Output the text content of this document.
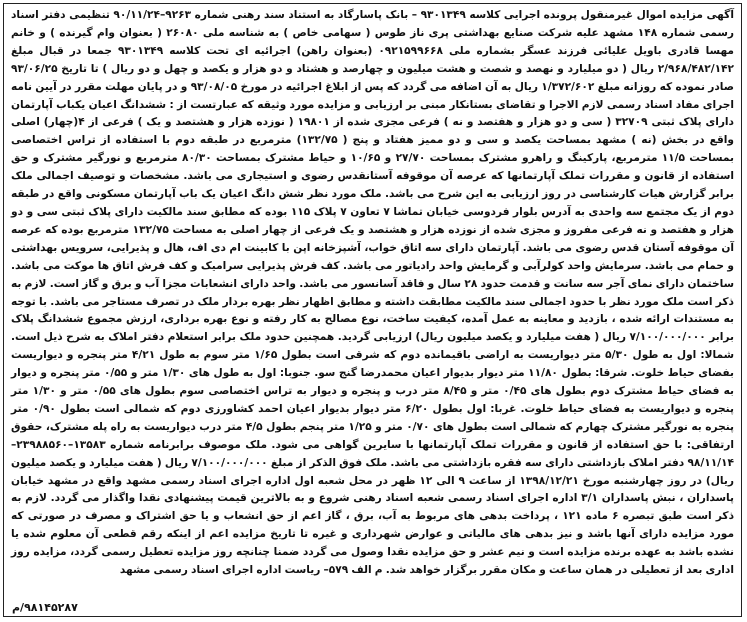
آگهی مزایده اموال غیرمنقول پرونده اجرایی کلاسه ۹۳۰۱۳۴۹ – بانک پاسارگاد به استناد سند رهنی شماره ۹۲۶۳–۹۰/۱۱/۲۴ تنظیمی دفتر اسناد رسمی شماره ۱۴۸ مشهد علیه شرکت صنایع بهداشتی پری ناز طوس ( سهامی خاص ) به شناسه ملی ۲۶۰۸۰ ( بعنوان وام گیرنده ) و خانم مهسا قادری باویل علیائی فرزند عسگر بشماره ملی ۰۹۲۱۵۹۹۶۶۸ (بعنوان راهن) اجرائیه ای تحت کلاسه ۹۳۰۱۳۴۹ جمعا در قبال مبلغ ۲/۹۶۸/۴۸۲/۱۴۲ ریال ( دو میلیارد و نهصد و شصت و هشت میلیون و چهارصد و هشتاد و دو هزار و یکصد و چهل و دو ریال ) تا تاریخ ۹۳/۰۶/۲۵ صادر نموده که روزانه مبلغ ۱/۳۷۲/۶۰۲ ریال به آن اضافه می گردد که پس از ابلاغ اجرائیه در مورخ ۹۳/۰۸/۰۵ و در پایان مهلت مقرر در آیین نامه اجرای مفاد اسناد رسمی لازم الاجرا و تقاضای بستانکار مبنی بر ارزیابی و مزایده مورد وثیقه که عبارتست از : ششدانگ اعیان یکباب آپارتمان دارای پلاک ثبتی ۳۲۷۰۹ ( سی و دو هزار و هفتصد و نه ) فرعی مجزی شده از ۱۹۸۰۱ ( نوزده هزار و هشتصد و یک ) فرعی از ۴(چهار) اصلی واقع در بخش (نه ) مشهد بمساحت یکصد و سی و دو ممیز هفتاد و پنج ( ۱۳۲/۷۵) مترمربع در طبقه دوم با استفاده از تراس اختصاصی بمساحت ۱۱/۵ مترمربع، پارکینگ و راهرو مشترک بمساحت ۲۷/۷۰ و ۱۰/۶۵ و حیاط مشترک بمساحت ۸۰/۳۰ مترمربع و نورگیر مشترک و حق استفاده از قانون و مقررات تملک آپارتمانها که عرصه آن موقوفه آستانقدس رضوی و استیجاری می باشد. مشخصات و توصیف اجمالی ملک برابر گزارش هیات کارشناسی در روز ارزیابی به این شرح می باشد. ملک مورد نظر شش دانگ اعیان یک باب آپارتمان مسکونی واقع در طبقه دوم از یک مجتمع سه واحدی به آدرس بلوار فردوسی خیابان تماشا ۷ تعاون ۷ پلاک ۱۱۵ بوده که مطابق سند مالکیت دارای پلاک ثبتی سی و دو هزار و هفتصد و نه فرعی مفروز و مجزی شده از نوزده هزار و هشتصد و یک فرعی از چهار اصلی به مساحت ۱۳۲/۷۵ مترمربع بوده که عرصه آن موقوفه آستان قدس رضوی می باشد. آپارتمان دارای سه اتاق خواب، آشپزخانه اپن با کابینت ام دی اف، هال و پذیرایی، سرویس بهداشتی و حمام می باشد. سرمایش واحد کولرآبی و گرمایش واحد رادیاتور می باشد. کف فرش پذیرایی سرامیک و کف فرش اتاق ها موکت می باشد. ساختمان دارای نمای آجر سه سانت و قدمت حدود ۲۸ سال و فاقد آسانسور می باشد. واحد دارای انشعابات مجزا آب و برق و گاز است. لازم به ذکر است ملک مورد نظر با حدود اجمالی سند مالکیت مطابقت داشته و مطابق اظهار نظر بهره بردار ملک در تصرف مستاجر می باشد. با توجه به مستندات ارائه شده ، بازدید و معاینه به عمل آمده، کیفیت ساخت، نوع مصالح به کار رفته و نوع بهره برداری، ارزش مجموع ششدانگ پلاک برابر ۷/۱۰۰/۰۰۰/۰۰۰ ریال ( هفت میلیارد و یکصد میلیون ریال) ارزیابی گردید. همچنین حدود ملک برابر استعلام دفتر املاک به شرح ذیل است. شمالا: اول به طول ۵/۳۰ متر دیواریست به اراضی باقیمانده دوم که شرقی است بطول ۱/۶۵ متر سوم به طول ۴/۲۱ متر پنجره و دیواریست بفضای حیاط خلوت. شرقا: بطول ۱۱/۸۰ متر دیوار بدیوار اعیان محمدرضا گنج سو. جنوبا: اول به طول های ۱/۳۰ متر و ۰/۵۵ متر پنجره و دیوار به فضای حیاط مشترک دوم بطول های ۰/۴۵ متر و ۸/۴۵ متر درب و پنجره و دیوار به تراس اختصاصی سوم بطول های ۰/۵۵ متر و ۱/۳۰ متر پنجره و دیواریست به فضای حیاط خلوت. غربا: اول بطول ۶/۲۰ متر دیوار بدیوار اعیان احمد کشاورزی دوم که شمالی است بطول ۰/۹۰ متر پنجره به نورگیر مشترک چهارم که شمالی است بطول های ۰/۷۰ متر و ۱/۲۵ متر پنجم بطول ۴/۵ متر درب دیواریست به راه پله مشترک، حقوق ارتفاقی: با حق استفاده از قانون و مقررات تملک آپارتمانها با سایرین گواهی می شود. ملک موصوف برابرنامه شماره ۱۳۵۸۳–۲۳۹۸۸۵۶۰–۹۸/۱۱/۱۴ دفتر املاک بازداشتی دارای سه فقره بازداشتی می باشد. ملک فوق الذکر از مبلغ ۷/۱۰۰/۰۰۰/۰۰۰ ریال ( هفت میلیارد و یکصد میلیون ریال) در روز چهارشنبه مورخ ۱۳۹۸/۱۲/۲۱ از ساعت ۹ الی ۱۲ ظهر در محل شعبه اول اداره اجرای اسناد رسمی مشهد واقع در مشهد خیابان پاسداران ، نبش پاسداران ۳/۱ اداره اجرای اسناد رسمی شعبه اسناد رهنی شروع و به بالاترین قیمت پیشنهادی نقدا واگذار می گردد. لازم به ذکر است طبق تبصره ۶ ماده ۱۲۱ ، پرداخت بدهی های مربوط به آب، برق ، گاز اعم از حق انشعاب و یا حق اشتراک و مصرف در صورتی که مورد مزایده دارای آنها باشد و نیز بدهی های مالیاتی و عوارض شهرداری و غیره تا تاریخ مزایده اعم از اینکه رقم قطعی آن معلوم شده یا نشده باشد به عهده برنده مزایده است و نیم عشر و حق مزایده نقدا وصول می گردد ضمنا چنانچه روز مزایده تعطیل رسمی گردد، مزایده روز اداری بعد از تعطیلی در همان ساعت و مکان مقرر برگزار خواهد شد. م الف ۵۷۹– ریاست اداره اجرای اسناد رسمی مشهد

۹۸۱۴۵۲۸۷/م
